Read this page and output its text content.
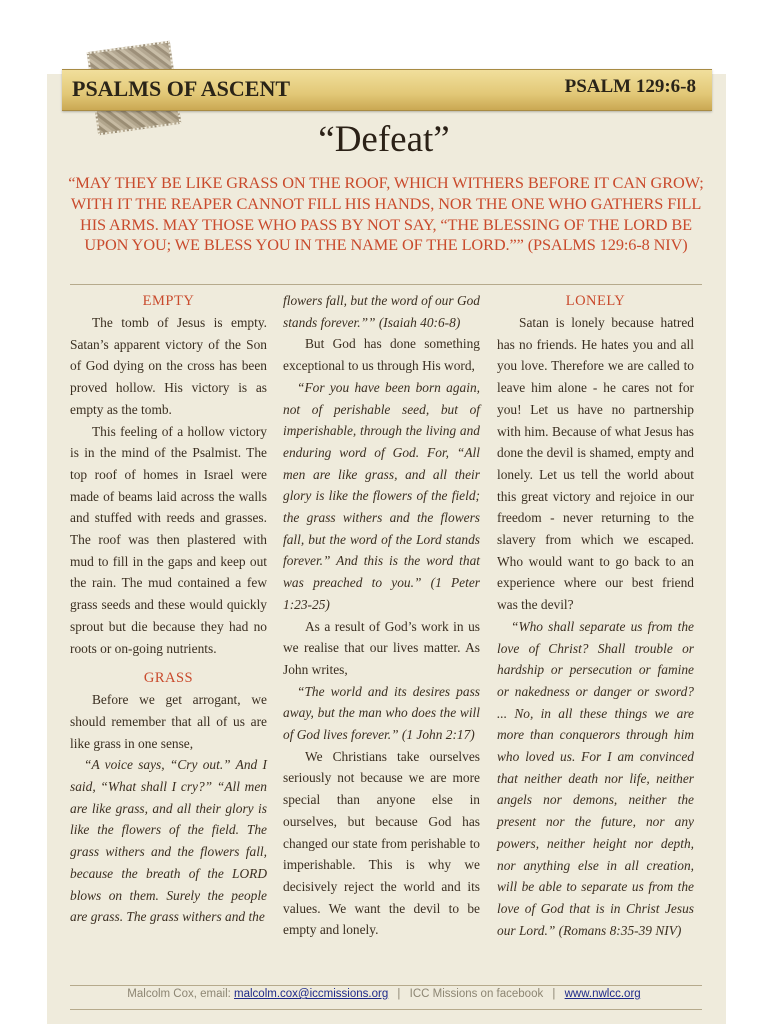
PSALMS OF ASCENT	PSALM 129:6-8
“Defeat”
“MAY THEY BE LIKE GRASS ON THE ROOF, WHICH WITHERS BEFORE IT CAN GROW; WITH IT THE REAPER CANNOT FILL HIS HANDS, NOR THE ONE WHO GATHERS FILL HIS ARMS. MAY THOSE WHO PASS BY NOT SAY, “THE BLESSING OF THE LORD BE UPON YOU; WE BLESS YOU IN THE NAME OF THE LORD.”” (PSALMS 129:6-8 NIV)
EMPTY

The tomb of Jesus is empty. Satan’s apparent victory of the Son of God dying on the cross has been proved hollow. His victory is as empty as the tomb.

This feeling of a hollow victory is in the mind of the Psalmist. The top roof of homes in Israel were made of beams laid across the walls and stuffed with reeds and grasses. The roof was then plastered with mud to fill in the gaps and keep out the rain. The mud contained a few grass seeds and these would quickly sprout but die because they had no roots or on-going nutrients.

GRASS

Before we get arrogant, we should remember that all of us are like grass in one sense,

“A voice says, “Cry out.” And I said, “What shall I cry?” “All men are like grass, and all their glory is like the flowers of the field. The grass withers and the flowers fall, because the breath of the LORD blows on them. Surely the people are grass. The grass withers and the

flowers fall, but the word of our God stands forever.”” (Isaiah 40:6-8)

But God has done something exceptional to us through His word,

“For you have been born again, not of perishable seed, but of imperishable, through the living and enduring word of God. For, “All men are like grass, and all their glory is like the flowers of the field; the grass withers and the flowers fall, but the word of the Lord stands forever.” And this is the word that was preached to you.” (1 Peter 1:23-25)

As a result of God’s work in us we realise that our lives matter. As John writes,

“The world and its desires pass away, but the man who does the will of God lives forever.” (1 John 2:17)

We Christians take ourselves seriously not because we are more special than anyone else in ourselves, but because God has changed our state from perishable to imperishable. This is why we decisively reject the world and its values. We want the devil to be empty and lonely.

LONELY

Satan is lonely because hatred has no friends. He hates you and all you love. Therefore we are called to leave him alone - he cares not for you! Let us have no partnership with him. Because of what Jesus has done the devil is shamed, empty and lonely. Let us tell the world about this great victory and rejoice in our freedom - never returning to the slavery from which we escaped. Who would want to go back to an experience where our best friend was the devil?

“Who shall separate us from the love of Christ? Shall trouble or hardship or persecution or famine or nakedness or danger or sword? ... No, in all these things we are more than conquerors through him who loved us. For I am convinced that neither death nor life, neither angels nor demons, neither the present nor the future, nor any powers, neither height nor depth, nor anything else in all creation, will be able to separate us from the love of God that is in Christ Jesus our Lord.” (Romans 8:35-39 NIV)

Malcolm Cox, email: malcolm.cox@iccmissions.org | ICC Missions on facebook | www.nwlcc.org
